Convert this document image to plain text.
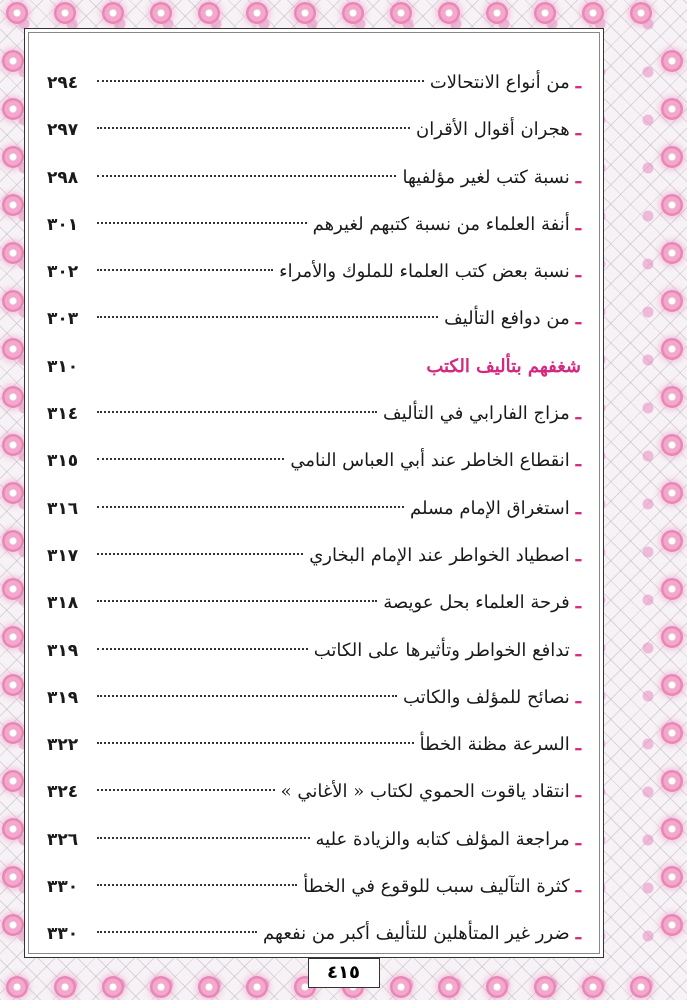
ـ
من أنواع الانتحالات
٢٩٤
ـ
هجران أقوال الأقران
٢٩٧
ـ
نسبة كتب لغير مؤلفيها
٢٩٨
ـ
أنفة العلماء من نسبة كتبهم لغيرهم
٣٠١
ـ
نسبة بعض كتب العلماء للملوك والأمراء
٣٠٢
ـ
من دوافع التأليف
٣٠٣
شغفهم بتأليف الكتب
٣١٠
ـ
مزاج الفارابي في التأليف
٣١٤
ـ
انقطاع الخاطر عند أبي العباس النامي
٣١٥
ـ
استغراق الإمام مسلم
٣١٦
ـ
اصطياد الخواطر عند الإمام البخاري
٣١٧
ـ
فرحة العلماء بحل عويصة
٣١٨
ـ
تدافع الخواطر وتأثيرها على الكاتب
٣١٩
ـ
نصائح للمؤلف والكاتب
٣١٩
ـ
السرعة مظنة الخطأ
٣٢٢
ـ
انتقاد ياقوت الحموي لكتاب « الأغاني »
٣٢٤
ـ
مراجعة المؤلف كتابه والزيادة عليه
٣٢٦
ـ
كثرة التآليف سبب للوقوع في الخطأ
٣٣٠
ـ
ضرر غير المتأهلين للتأليف أكبر من نفعهم
٣٣٠
٤١٥
